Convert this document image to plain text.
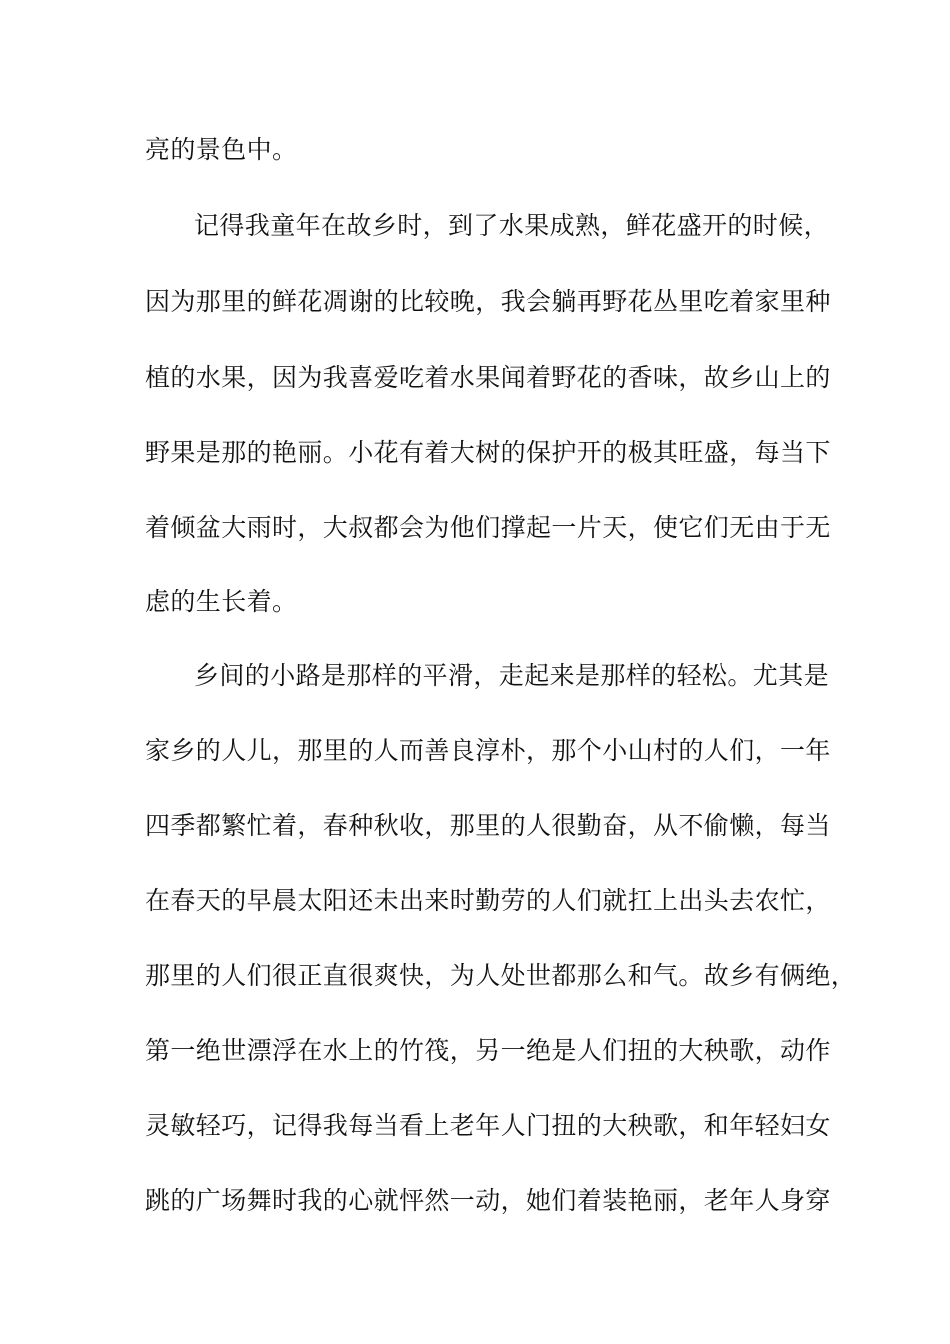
亮的景色中。
记得我童年在故乡时，到了水果成熟，鲜花盛开的时候，
因为那里的鲜花凋谢的比较晚，我会躺再野花丛里吃着家里种
植的水果，因为我喜爱吃着水果闻着野花的香味，故乡山上的
野果是那的艳丽。小花有着大树的保护开的极其旺盛，每当下
着倾盆大雨时，大叔都会为他们撑起一片天，使它们无由于无
虑的生长着。
乡间的小路是那样的平滑，走起来是那样的轻松。尤其是
家乡的人儿，那里的人而善良淳朴，那个小山村的人们，一年
四季都繁忙着，春种秋收，那里的人很勤奋，从不偷懒，每当
在春天的早晨太阳还未出来时勤劳的人们就扛上出头去农忙，
那里的人们很正直很爽快，为人处世都那么和气。故乡有俩绝，
第一绝世漂浮在水上的竹筏，另一绝是人们扭的大秧歌，动作
灵敏轻巧，记得我每当看上老年人门扭的大秧歌，和年轻妇女
跳的广场舞时我的心就怦然一动，她们着装艳丽，老年人身穿
